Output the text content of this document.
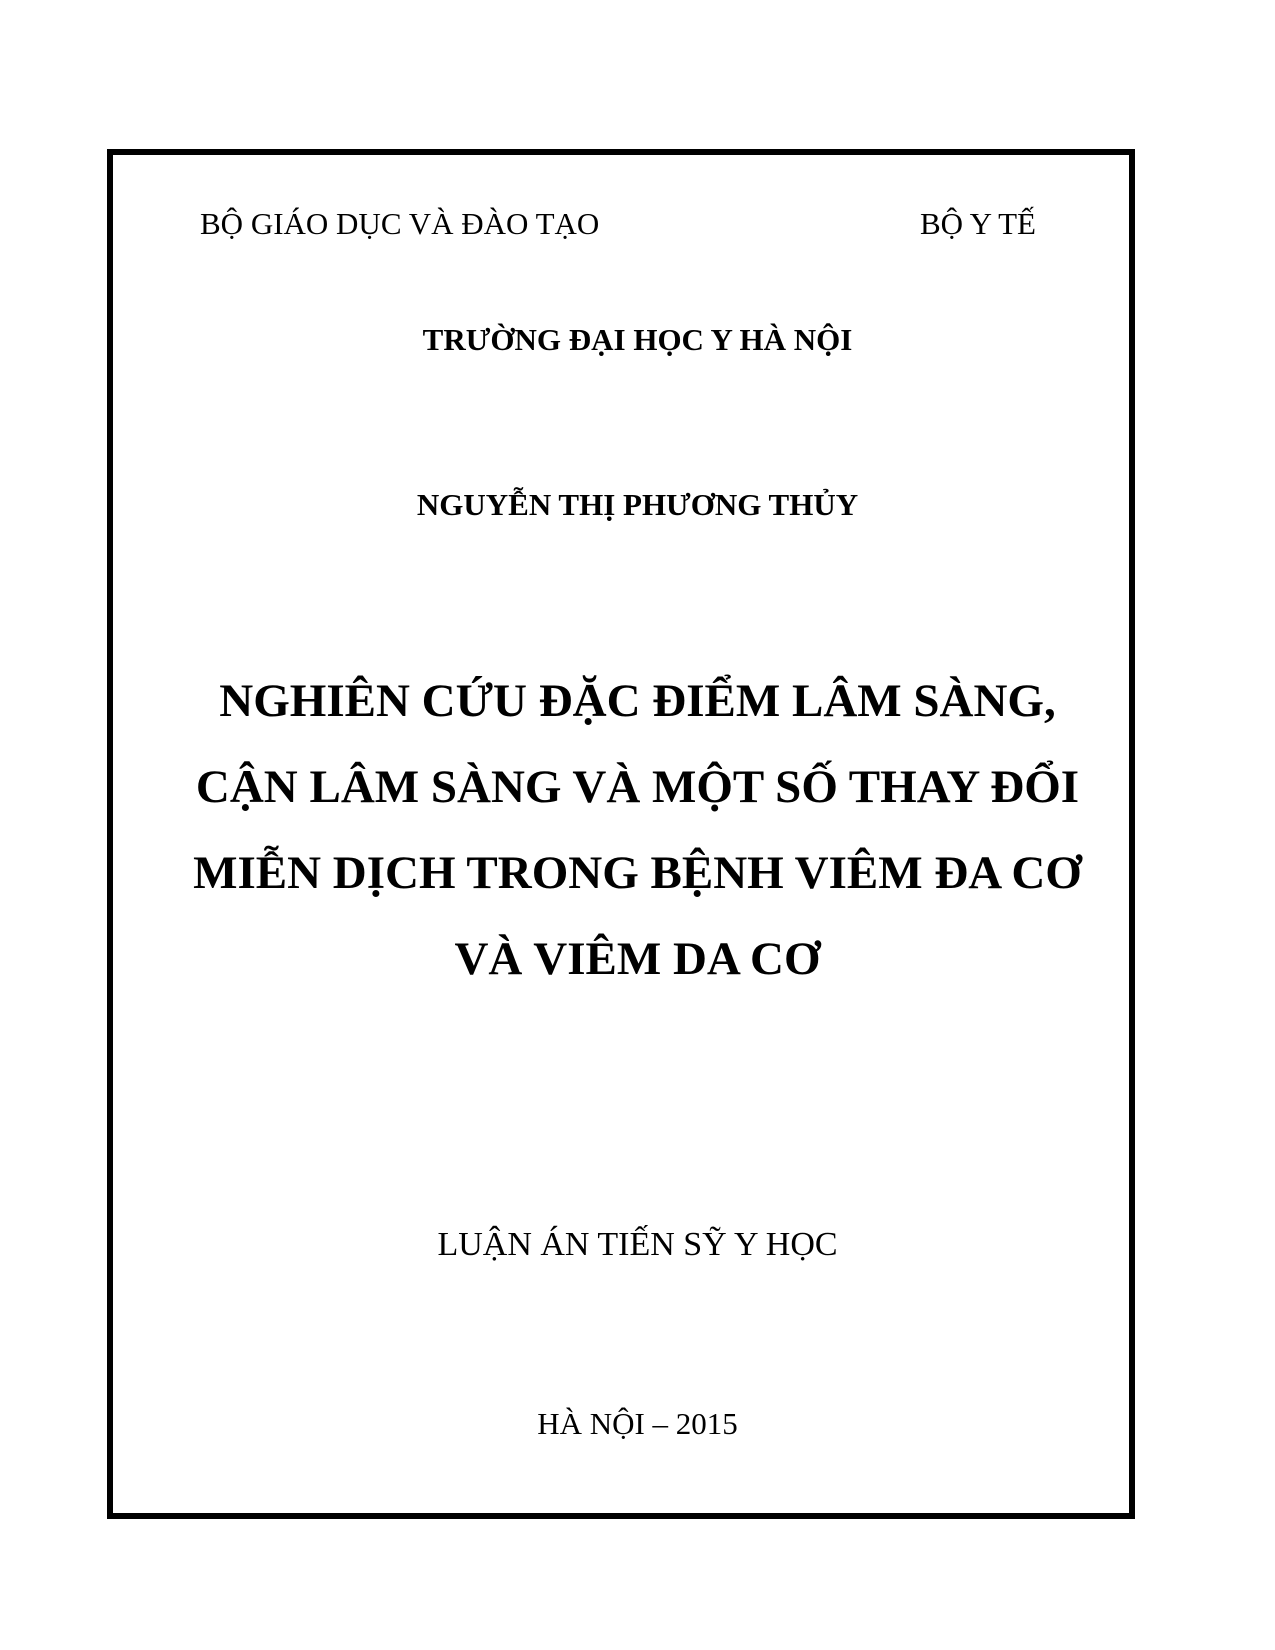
BỘ GIÁO DỤC VÀ ĐÀO TẠO	BỘ Y TẾ
TRƯỜNG ĐẠI HỌC Y HÀ NỘI
NGUYỄN THỊ PHƯƠNG THỦY
NGHIÊN CỨU ĐẶC ĐIỂM LÂM SÀNG,
CẬN LÂM SÀNG VÀ MỘT SỐ THAY ĐỔI
MIỄN DỊCH TRONG BỆNH VIÊM ĐA CƠ
VÀ VIÊM DA CƠ
LUẬN ÁN TIẾN SỸ Y HỌC
HÀ NỘI – 2015
